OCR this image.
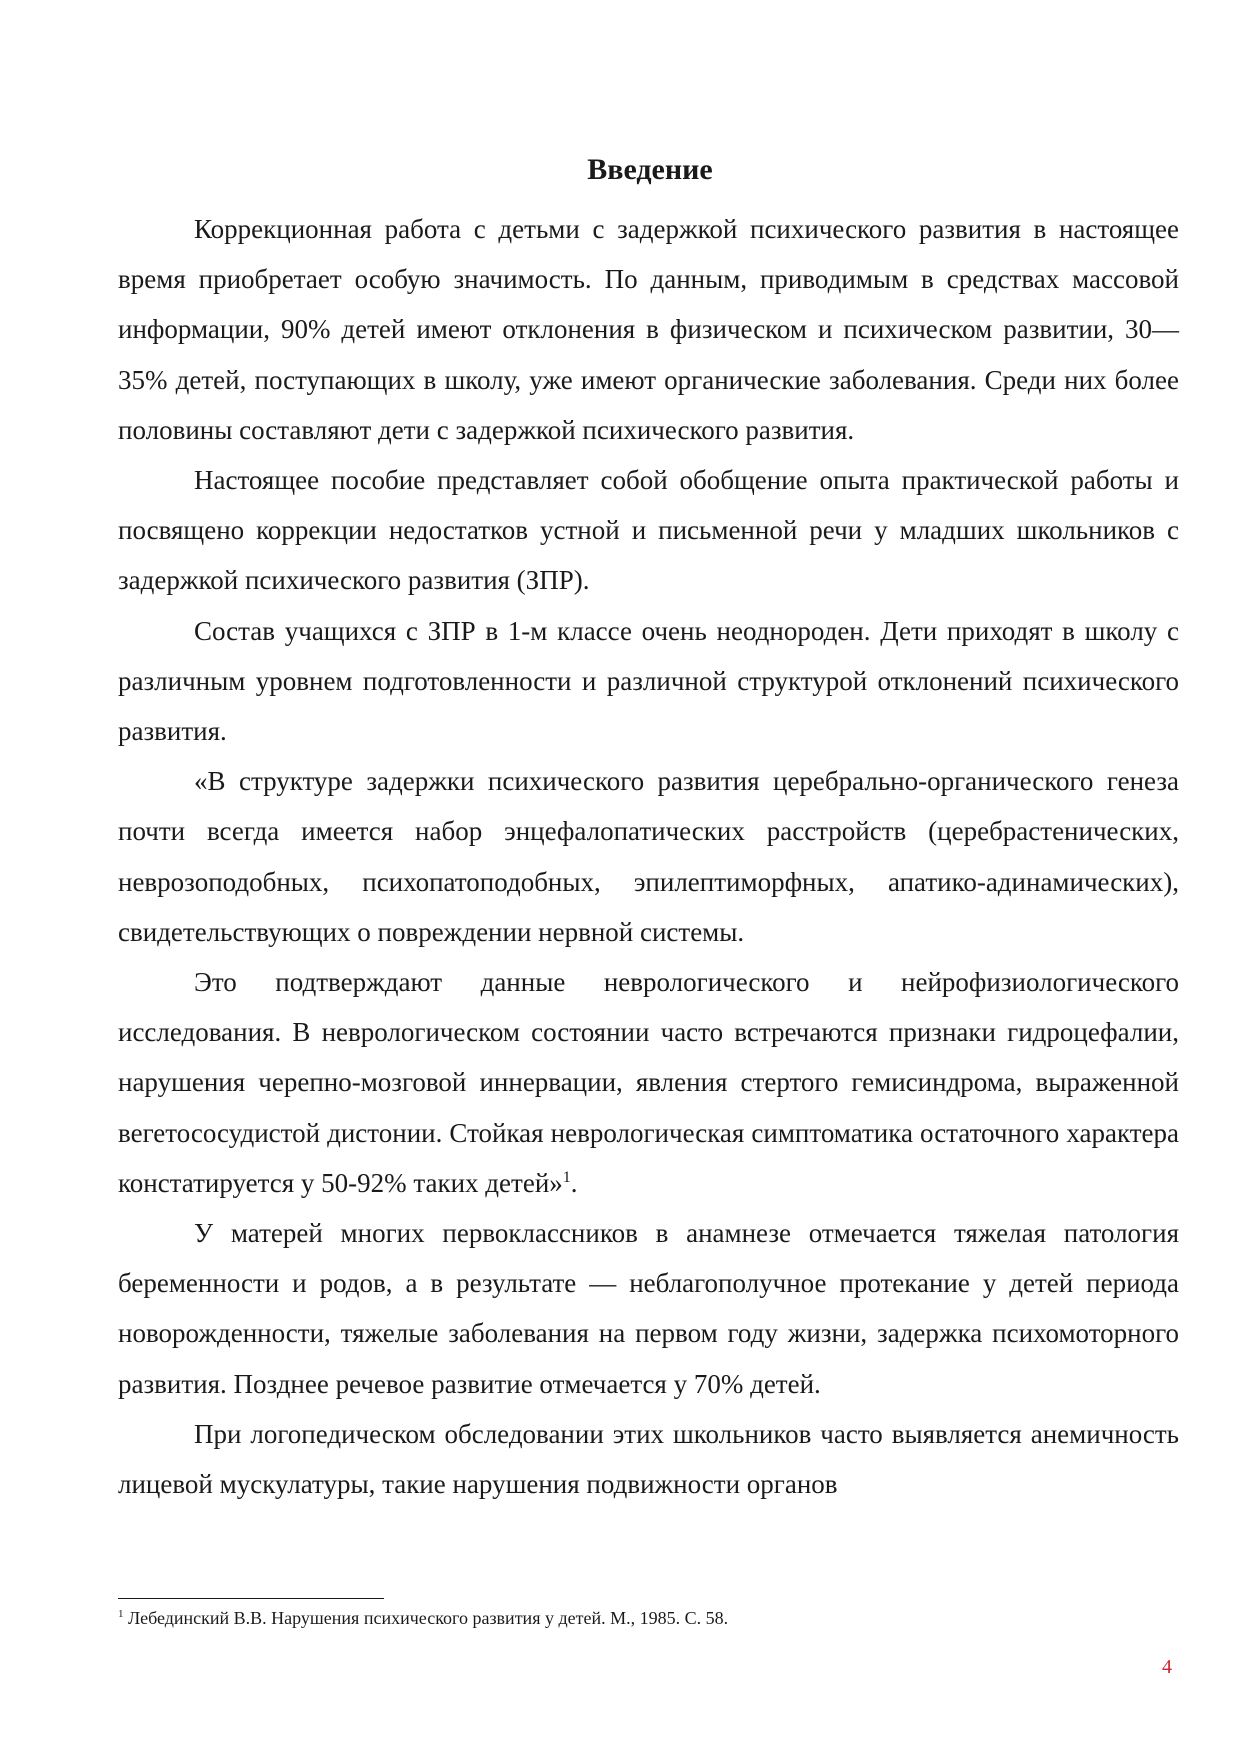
Введение

Коррекционная работа с детьми с задержкой психического развития в настоящее время приобретает особую значимость. По данным, приводимым в средствах массовой информации, 90% детей имеют отклонения в физическом и психическом развитии, 30—35% детей, поступающих в школу, уже имеют органические заболевания. Среди них более половины составляют дети с задержкой психического развития.

Настоящее пособие представляет собой обобщение опыта практической работы и посвящено коррекции недостатков устной и письменной речи у младших школьников с задержкой психического развития (ЗПР).

Состав учащихся с ЗПР в 1-м классе очень неоднороден. Дети приходят в школу с различным уровнем подготовленности и различной структурой отклонений психического развития.

«В структуре задержки психического развития церебрально-органического генеза почти всегда имеется набор энцефалопатических расстройств (церебрастенических, неврозоподобных, психопатоподобных, эпилептиморфных, апатико-адинамических), свидетельствующих о повреждении нервной системы.

Это подтверждают данные неврологического и нейрофизиологического исследования. В неврологическом состоянии часто встречаются признаки гидроцефалии, нарушения черепно-мозговой иннервации, явления стертого гемисиндрома, выраженной вегетососудистой дистонии. Стойкая неврологическая симптоматика остаточного характера констатируется у 50-92% таких детей»$^1$.

У матерей многих первоклассников в анамнезе отмечается тяжелая патология беременности и родов, а в результате — неблагополучное протекание у детей периода новорожденности, тяжелые заболевания на первом году жизни, задержка психомоторного развития. Позднее речевое развитие отмечается у 70% детей.

При логопедическом обследовании этих школьников часто выявляется анемичность лицевой мускулатуры, такие нарушения подвижности органов

$^1$ Лебединский В.В. Нарушения психического развития у детей. М., 1985. С. 58.

4
